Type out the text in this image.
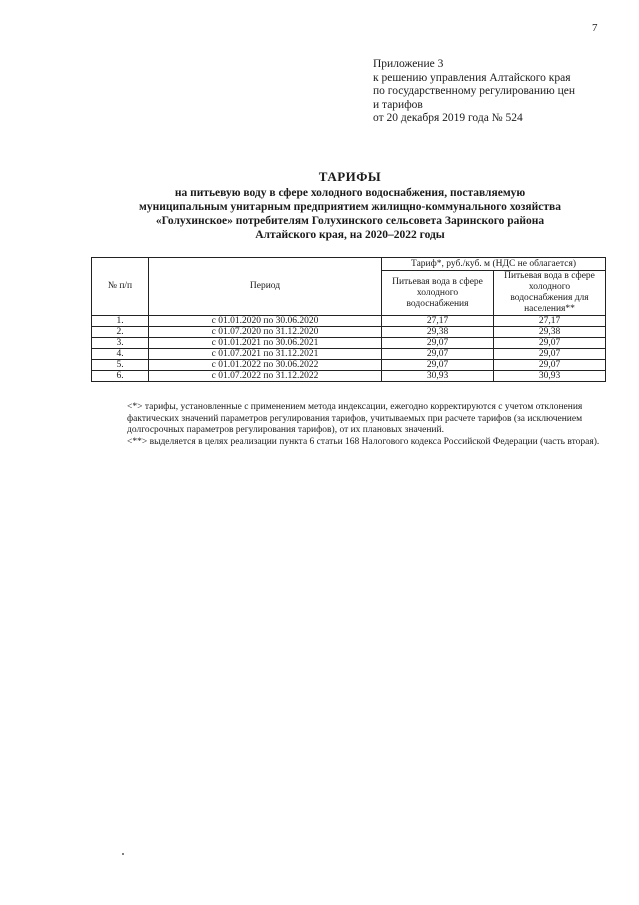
7
Приложение 3
к решению управления Алтайского края
по государственному регулированию цен
и тарифов
от 20 декабря 2019 года № 524
ТАРИФЫ
на питьевую воду в сфере холодного водоснабжения, поставляемую
муниципальным унитарным предприятием жилищно-коммунального хозяйства
«Голухинское» потребителям Голухинского сельсовета Заринского района
Алтайского края, на 2020–2022 годы
№ п/п	Период	Тариф*, руб./куб. м (НДС не облагается)	
		Питьевая вода в сфере холодного водоснабжения	Питьевая вода в сфере холодного водоснабжения для населения**
1.	с 01.01.2020 по 30.06.2020	27,17	27,17
2.	с 01.07.2020 по 31.12.2020	29,38	29,38
3.	с 01.01.2021 по 30.06.2021	29,07	29,07
4.	с 01.07.2021 по 31.12.2021	29,07	29,07
5.	с 01.01.2022 по 30.06.2022	29,07	29,07
6.	с 01.07.2022 по 31.12.2022	30,93	30,93

<*> тарифы, установленные с применением метода индексации, ежегодно корректируются с учетом отклонения фактических значений параметров регулирования тарифов, учитываемых при расчете тарифов (за исключением долгосрочных параметров регулирования тарифов), от их плановых значений.

<**> выделяется в целях реализации пункта 6 статьи 168 Налогового кодекса Российской Федерации (часть вторая).
